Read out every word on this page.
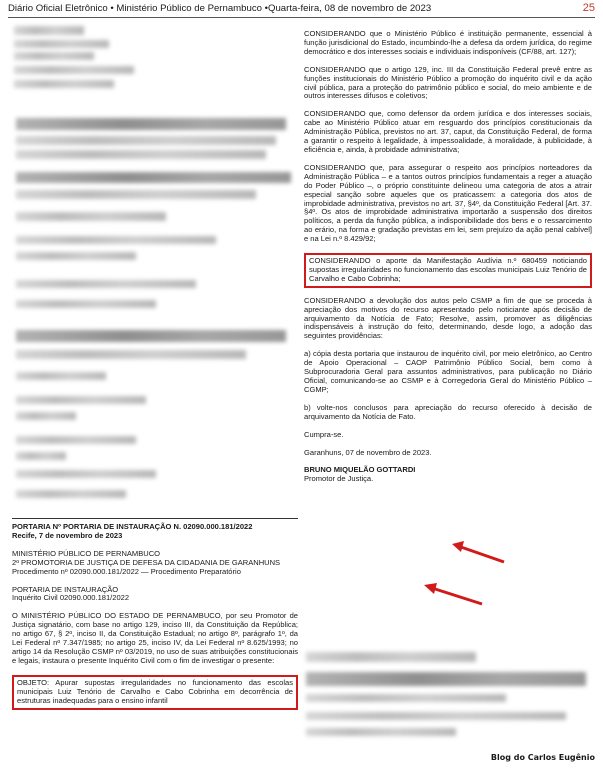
Diário Oficial Eletrônico • Ministério Público de Pernambuco •Quarta-feira, 08 de novembro de 2023	25
PORTARIA Nº PORTARIA DE INSTAURAÇÃO N. 02090.000.181/2022
Recife, 7 de novembro de 2023
MINISTÉRIO PÚBLICO DE PERNAMBUCO
2º PROMOTORIA DE JUSTIÇA DE DEFESA DA CIDADANIA DE GARANHUNS
Procedimento nº 02090.000.181/2022 — Procedimento Preparatório
PORTARIA DE INSTAURAÇÃO
Inquérito Civil 02090.000.181/2022

O MINISTÉRIO PÚBLICO DO ESTADO DE PERNAMBUCO, por seu Promotor de Justiça signatário, com base no artigo 129, inciso III, da Constituição da República; no artigo 67, § 2º, inciso II, da Constituição Estadual; no artigo 8º, parágrafo 1º, da Lei Federal nº 7.347/1985; no artigo 25, inciso IV, da Lei Federal nº 8.625/1993; no artigo 14 da Resolução CSMP nº 03/2019, no uso de suas atribuições constitucionais e legais, instaura o presente Inquérito Civil com o fim de investigar o presente:

OBJETO: Apurar supostas irregularidades no funcionamento das escolas municipais Luiz Tenório de Carvalho e Cabo Cobrinha em decorrência de estruturas inadequadas para o ensino infantil

CONSIDERANDO que o Ministério Público é instituição permanente, essencial à função jurisdicional do Estado, incumbindo-lhe a defesa da ordem jurídica, do regime democrático e dos interesses sociais e individuais indisponíveis (CF/88, art. 127);

CONSIDERANDO que o artigo 129, inc. III da Constituição Federal prevê entre as funções institucionais do Ministério Público a promoção do inquérito civil e da ação civil pública, para a proteção do patrimônio público e social, do meio ambiente e de outros interesses difusos e coletivos;

CONSIDERANDO que, como defensor da ordem jurídica e dos interesses sociais, cabe ao Ministério Público atuar em resguardo dos princípios constitucionais da Administração Pública, previstos no art. 37, caput, da Constituição Federal, de forma a garantir o respeito à legalidade, à impessoalidade, à moralidade, à publicidade, à eficiência e, ainda, à probidade administrativa;

CONSIDERANDO que, para assegurar o respeito aos princípios norteadores da Administração Pública – e a tantos outros princípios fundamentais a reger a atuação do Poder Público –, o próprio constituinte delineou uma categoria de atos a atrair especial sanção sobre aqueles que os praticassem: a categoria dos atos de improbidade administrativa, previstos no art. 37, §4º, da Constituição Federal [Art. 37. §4º. Os atos de improbidade administrativa importarão a suspensão dos direitos políticos, a perda da função pública, a indisponibilidade dos bens e o ressarcimento ao erário, na forma e gradação previstas em lei, sem prejuízo da ação penal cabível] e na Lei n.º 8.429/92;

CONSIDERANDO o aporte da Manifestação Audívia n.º 680459 noticiando supostas irregularidades no funcionamento das escolas municipais Luiz Tenório de Carvalho e Cabo Cobrinha;

CONSIDERANDO a devolução dos autos pelo CSMP a fim de que se proceda à apreciação dos motivos do recurso apresentado pelo noticiante após decisão de arquivamento da Notícia de Fato; Resolve, assim, promover as diligências indispensáveis à instrução do feito, determinando, desde logo, a adoção das seguintes providências:

a) cópia desta portaria que instaurou de inquérito civil, por meio eletrônico, ao Centro de Apoio Operacional – CAOP Patrimônio Público Social, bem como à Subprocuradoria Geral para assuntos administrativos, para publicação no Diário Oficial, comunicando-se ao CSMP e à Corregedoria Geral do Ministério Público – CGMP;

b) volte-nos conclusos para apreciação do recurso oferecido à decisão de arquivamento da Notícia de Fato.

Cumpra-se.

Garanhuns, 07 de novembro de 2023.

BRUNO MIQUELÃO GOTTARDI
Promotor de Justiça.
Blog do Carlos Eugênio
